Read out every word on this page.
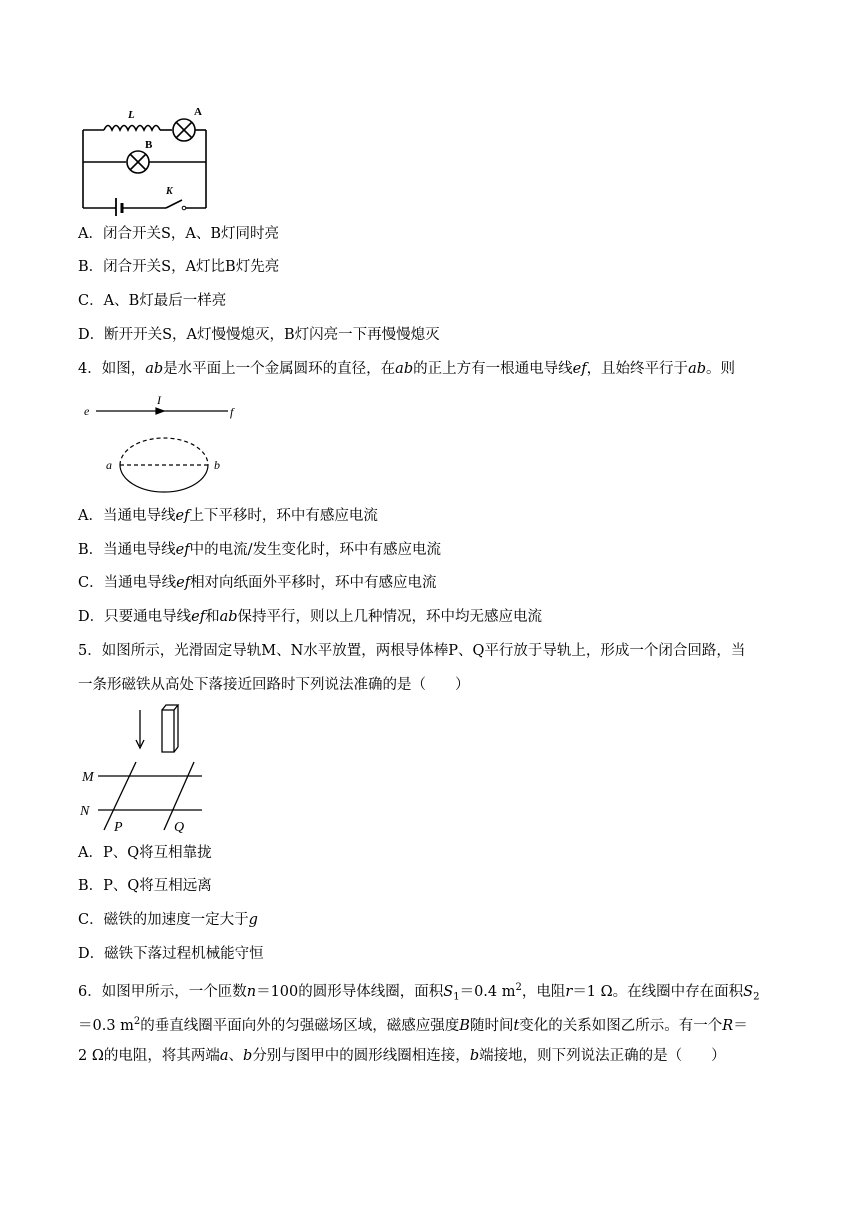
L	A
B
K
A．闭合开关S，A、B灯同时亮
B．闭合开关S，A灯比B灯先亮
C．A、B灯最后一样亮
D．断开开关S，A灯慢慢熄灭，B灯闪亮一下再慢慢熄灭
4．如图，ab是水平面上一个金属圆环的直径，在ab的正上方有一根通电导线ef，且始终平行于ab。则
e
I
f
a	b
A．当通电导线ef上下平移时，环中有感应电流
B．当通电导线ef中的电流/发生变化时，环中有感应电流
C．当通电导线ef相对向纸面外平移时，环中有感应电流
D．只要通电导线ef和ab保持平行，则以上几种情况，环中均无感应电流
5．如图所示，光滑固定导轨M、N水平放置，两根导体棒P、Q平行放于导轨上，形成一个闭合回路，当
一条形磁铁从高处下落接近回路时下列说法准确的是（　　）
M
N
P	Q
A．P、Q将互相靠拢
B．P、Q将互相远离
C．磁铁的加速度一定大于g
D．磁铁下落过程机械能守恒
6．如图甲所示，一个匝数n＝100的圆形导体线圈，面积$S_1=0.4$ $m^2$，电阻r＝1 Ω。在线圈中存在面积$S_2$
＝0.3 $m^2$的垂直线圈平面向外的匀强磁场区域，磁感应强度B随时间t变化的关系如图乙所示。有一个R＝
2 Ω的电阻，将其两端a、b分别与图甲中的圆形线圈相连接，b端接地，则下列说法正确的是（　　）
